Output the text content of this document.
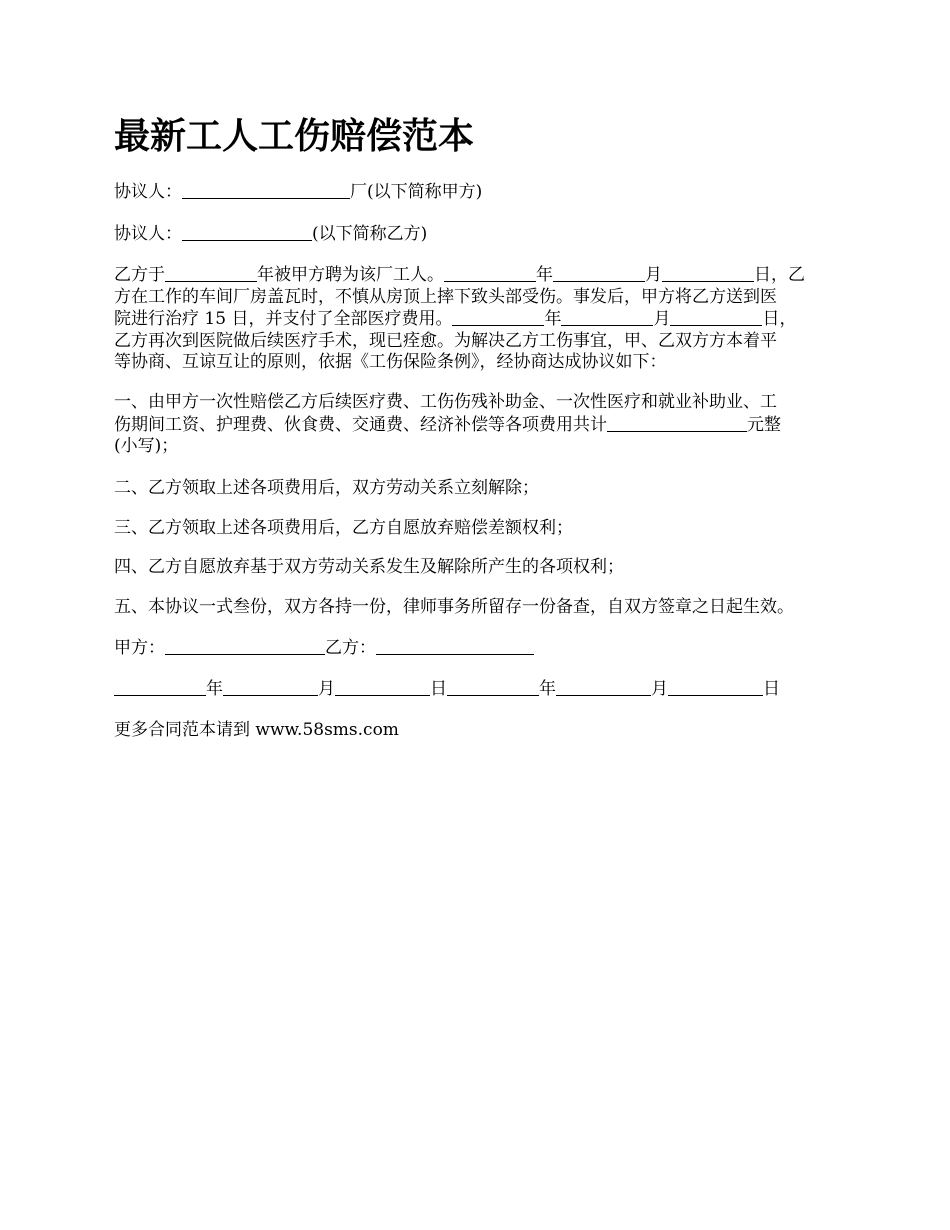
最新工人工伤赔偿范本

协议人：	厂(以下简称甲方)

协议人：	(以下简称乙方)

乙方于	年被甲方聘为该厂工人。	年	月	日，乙
方在工作的车间厂房盖瓦时，不慎从房顶上摔下致头部受伤。事发后，甲方将乙方送到医
院进行治疗 15 日，并支付了全部医疗费用。	年	月	日，
乙方再次到医院做后续医疗手术，现已痊愈。为解决乙方工伤事宜，甲、乙双方方本着平
等协商、互谅互让的原则，依据《工伤保险条例》，经协商达成协议如下：
一、由甲方一次性赔偿乙方后续医疗费、工伤伤残补助金、一次性医疗和就业补助业、工
伤期间工资、护理费、伙食费、交通费、经济补偿等各项费用共计	元整
(小写)；

二、乙方领取上述各项费用后，双方劳动关系立刻解除；

三、乙方领取上述各项费用后，乙方自愿放弃赔偿差额权利；

四、乙方自愿放弃基于双方劳动关系发生及解除所产生的各项权利；

五、本协议一式叁份，双方各持一份，律师事务所留存一份备查，自双方签章之日起生效。

甲方：	乙方：

年	月	日	年	月	日

更多合同范本请到 www.58sms.com
